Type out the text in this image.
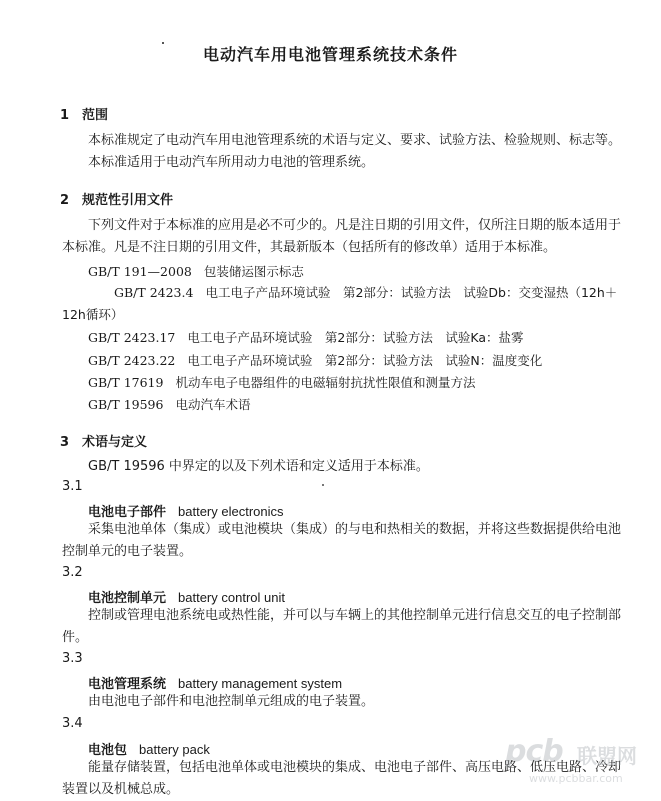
电动汽车用电池管理系统技术条件
1 范围
本标准规定了电动汽车用电池管理系统的术语与定义、要求、试验方法、检验规则、标志等。
本标准适用于电动汽车所用动力电池的管理系统。
2 规范性引用文件
下列文件对于本标准的应用是必不可少的。凡是注日期的引用文件，仅所注日期的版本适用于本标准。凡是不注日期的引用文件，其最新版本（包括所有的修改单）适用于本标准。
GB/T 191—2008 包装储运图示标志
GB/T 2423.4 电工电子产品环境试验　第2部分：试验方法　试验Db：交变湿热（12h＋12h循环）
GB/T 2423.17 电工电子产品环境试验　第2部分：试验方法　试验Ka：盐雾
GB/T 2423.22 电工电子产品环境试验　第2部分：试验方法　试验N：温度变化
GB/T 17619 机动车电子电器组件的电磁辐射抗扰性限值和测量方法
GB/T 19596 电动汽车术语
3 术语与定义
GB/T 19596 中界定的以及下列术语和定义适用于本标准。
3.1
电池电子部件 battery electronics
采集电池单体（集成）或电池模块（集成）的与电和热相关的数据，并将这些数据提供给电池控制单元的电子装置。
3.2
电池控制单元 battery control unit
控制或管理电池系统电或热性能，并可以与车辆上的其他控制单元进行信息交互的电子控制部件。
3.3
电池管理系统 battery management system
由电池电子部件和电池控制单元组成的电子装置。
3.4
电池包 battery pack
能量存储装置，包括电池单体或电池模块的集成、电池电子部件、高压电路、低压电路、冷却装置以及机械总成。
pcb 联盟网
www.pcbbar.com
